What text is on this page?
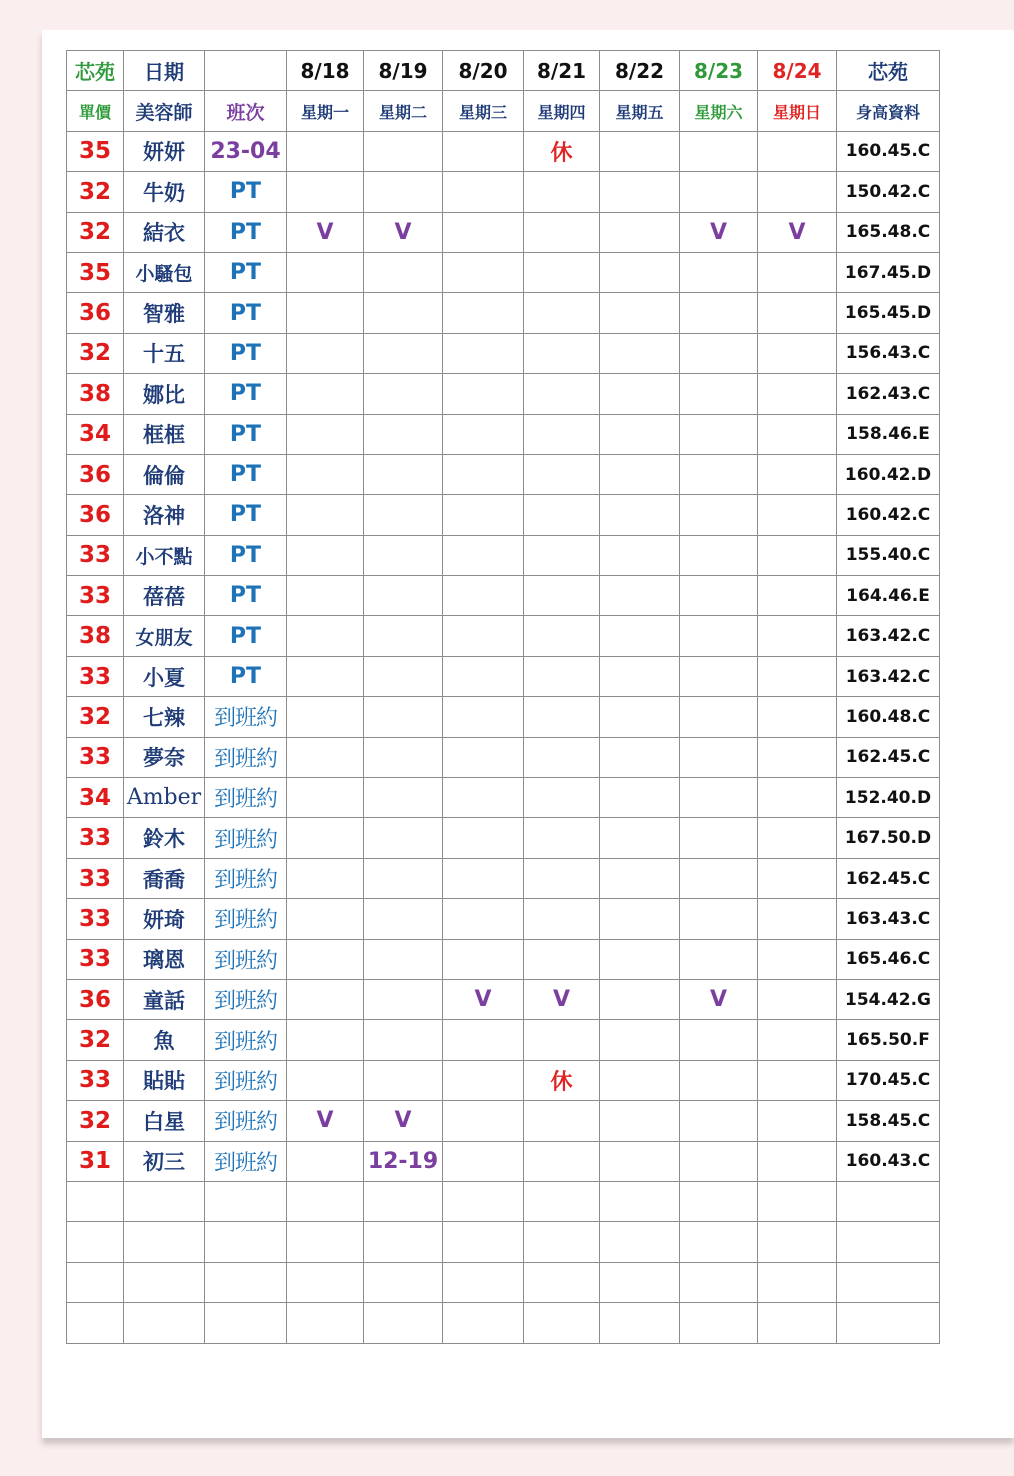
芯苑	日期		8/18	8/19	8/20	8/21	8/22	8/23	8/24	芯苑
單價	美容師	班次	星期一	星期二	星期三	星期四	星期五	星期六	星期日	身高資料
35	妍妍	23-04				休				160.45.C
32	牛奶	PT								150.42.C
32	結衣	PT	V	V				V	V	165.48.C
35	小騷包	PT								167.45.D
36	智雅	PT								165.45.D
32	十五	PT								156.43.C
38	娜比	PT								162.43.C
34	框框	PT								158.46.E
36	倫倫	PT								160.42.D
36	洛神	PT								160.42.C
33	小不點	PT								155.40.C
33	蓓蓓	PT								164.46.E
38	女朋友	PT								163.42.C
33	小夏	PT								163.42.C
32	七辣	到班約								160.48.C
33	夢奈	到班約								162.45.C
34	Amber	到班約								152.40.D
33	鈴木	到班約								167.50.D
33	喬喬	到班約								162.45.C
33	妍琦	到班約								163.43.C
33	璃恩	到班約								165.46.C
36	童話	到班約			V	V		V		154.42.G
32	魚	到班約								165.50.F
33	貼貼	到班約				休				170.45.C
32	白星	到班約	V	V						158.45.C
31	初三	到班約		12-19						160.43.C
